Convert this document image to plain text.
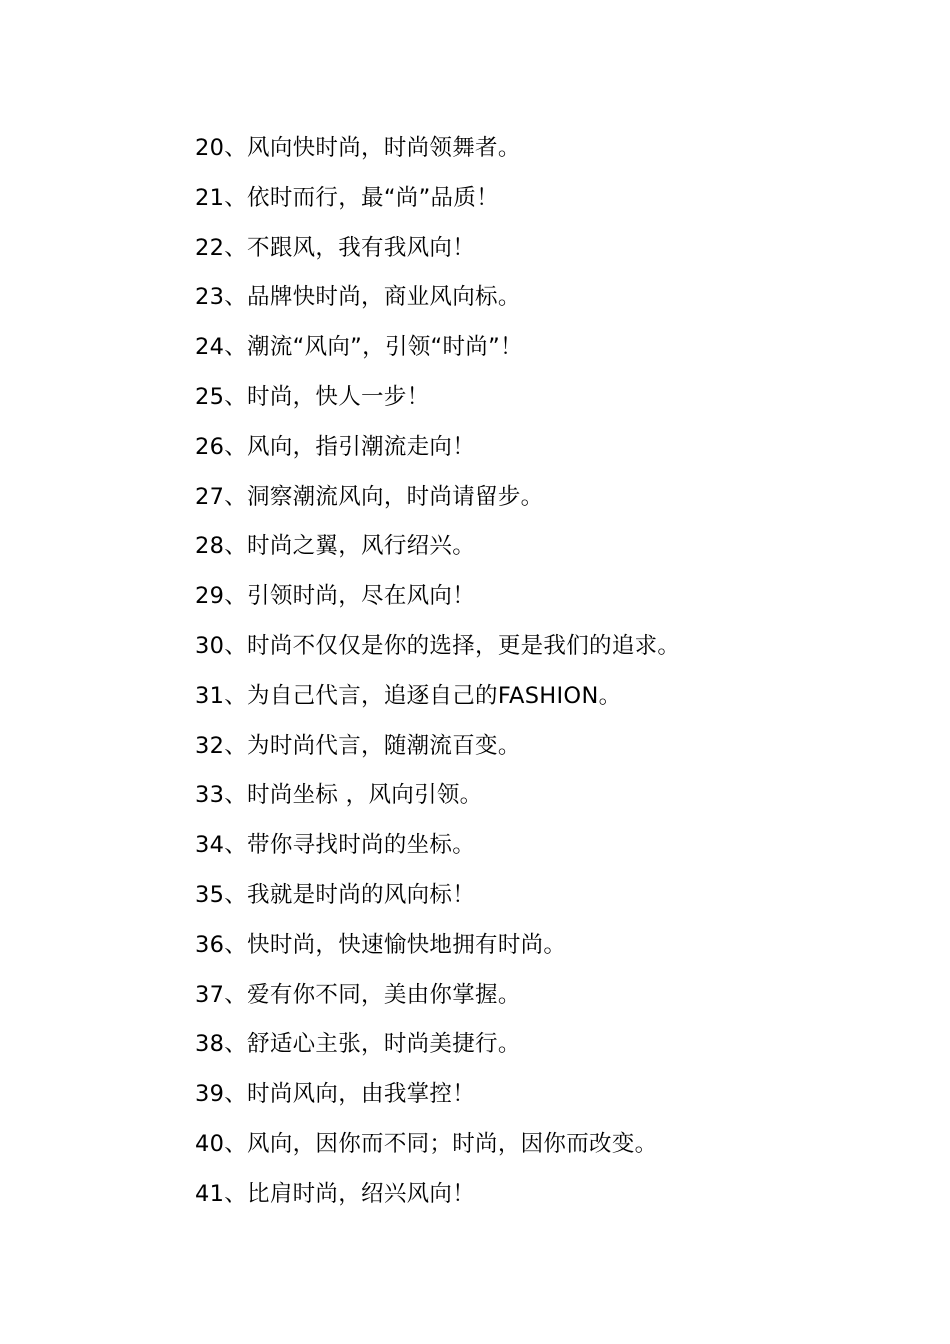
20、风向快时尚，时尚领舞者。
21、依时而行，最“尚”品质！
22、不跟风，我有我风向！
23、品牌快时尚，商业风向标。
24、潮流“风向”，引领“时尚”！
25、时尚，快人一步！
26、风向，指引潮流走向！
27、洞察潮流风向，时尚请留步。
28、时尚之翼，风行绍兴。
29、引领时尚，尽在风向！
30、时尚不仅仅是你的选择，更是我们的追求。
31、为自己代言，追逐自己的FASHION。
32、为时尚代言，随潮流百变。
33、时尚坐标 ，风向引领。
34、带你寻找时尚的坐标。
35、我就是时尚的风向标！
36、快时尚，快速愉快地拥有时尚。
37、爱有你不同，美由你掌握。
38、舒适心主张，时尚美捷行。
39、时尚风向，由我掌控！
40、风向，因你而不同；时尚，因你而改变。
41、比肩时尚，绍兴风向！
